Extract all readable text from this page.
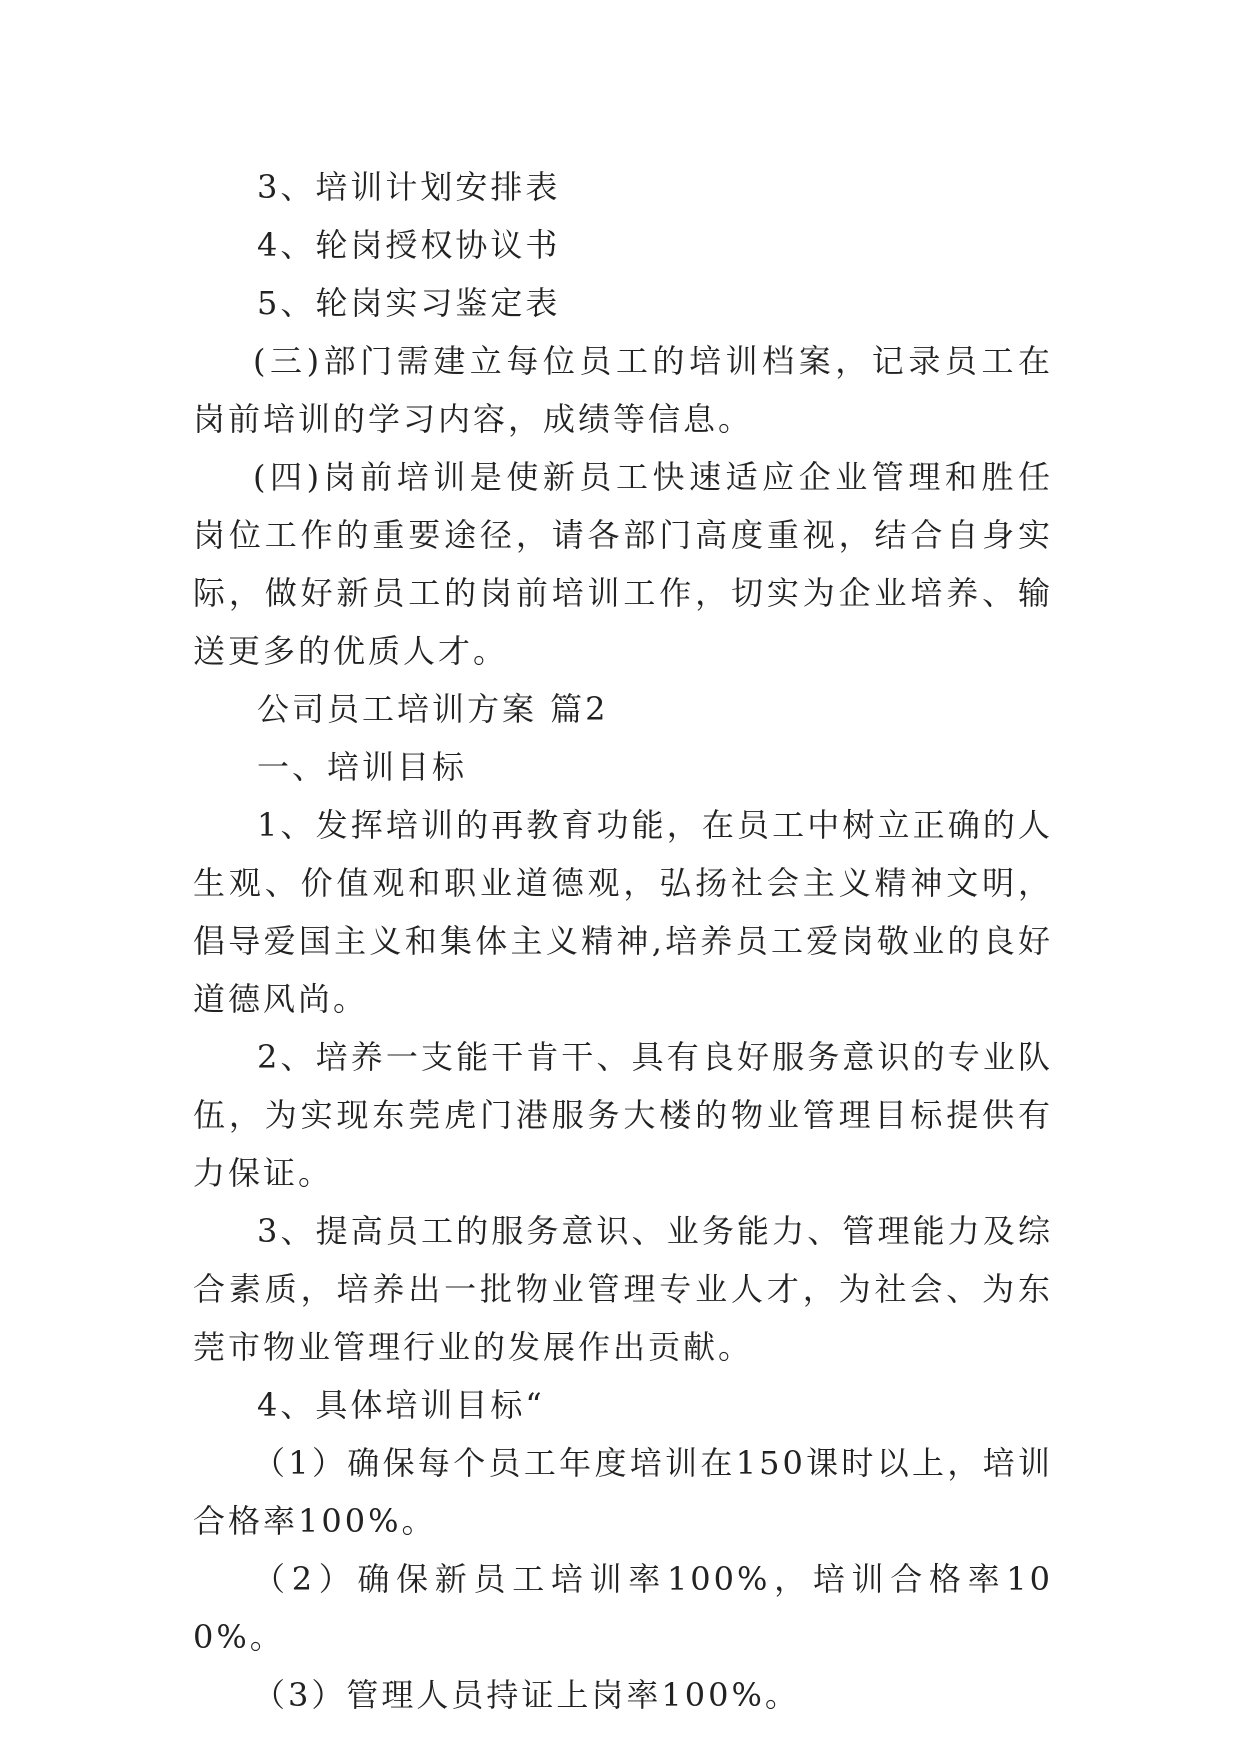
3、培训计划安排表

4、轮岗授权协议书

5、轮岗实习鉴定表

(三)部门需建立每位员工的培训档案，记录员工在岗前培训的学习内容，成绩等信息。

(四)岗前培训是使新员工快速适应企业管理和胜任岗位工作的重要途径，请各部门高度重视，结合自身实际，做好新员工的岗前培训工作，切实为企业培养、输送更多的优质人才。

公司员工培训方案 篇2

一、培训目标

1、发挥培训的再教育功能，在员工中树立正确的人生观、价值观和职业道德观，弘扬社会主义精神文明，倡导爱国主义和集体主义精神,培养员工爱岗敬业的良好道德风尚。

2、培养一支能干肯干、具有良好服务意识的专业队伍，为实现东莞虎门港服务大楼的物业管理目标提供有力保证。

3、提高员工的服务意识、业务能力、管理能力及综合素质，培养出一批物业管理专业人才，为社会、为东莞市物业管理行业的发展作出贡献。

4、具体培训目标“

（1）确保每个员工年度培训在150课时以上，培训合格率100%。

（2）确保新员工培训率100%，培训合格率100%。

（3）管理人员持证上岗率100%。
